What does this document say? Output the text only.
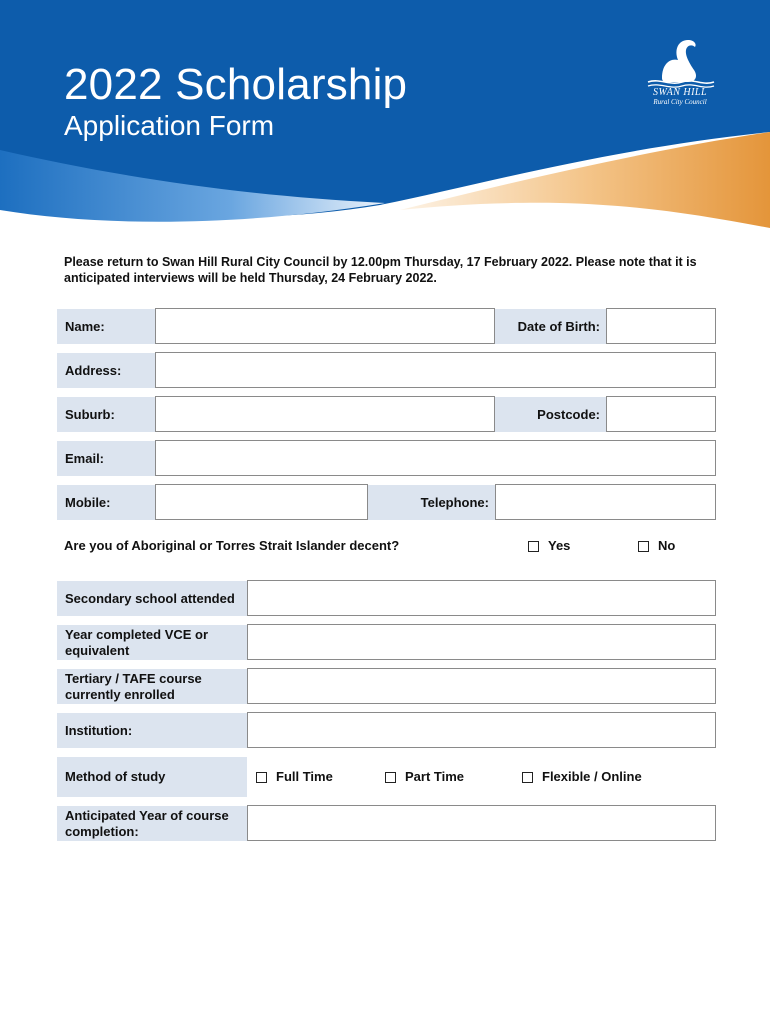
2022 Scholarship
Application Form
SWAN HILL
Rural City Council

Please return to Swan Hill Rural City Council by 12.00pm Thursday, 17 February 2022. Please note that it is anticipated interviews will be held Thursday, 24 February 2022.

Name:	Date of Birth:
Address:
Suburb:	Postcode:
Email:
Mobile:	Telephone:
Are you of Aboriginal or Torres Strait Islander decent?	Yes	No
Secondary school attended
Year completed VCE or equivalent
Tertiary / TAFE course currently enrolled
Institution:
Method of study	Full Time	Part Time	Flexible / Online
Anticipated Year of course completion:
